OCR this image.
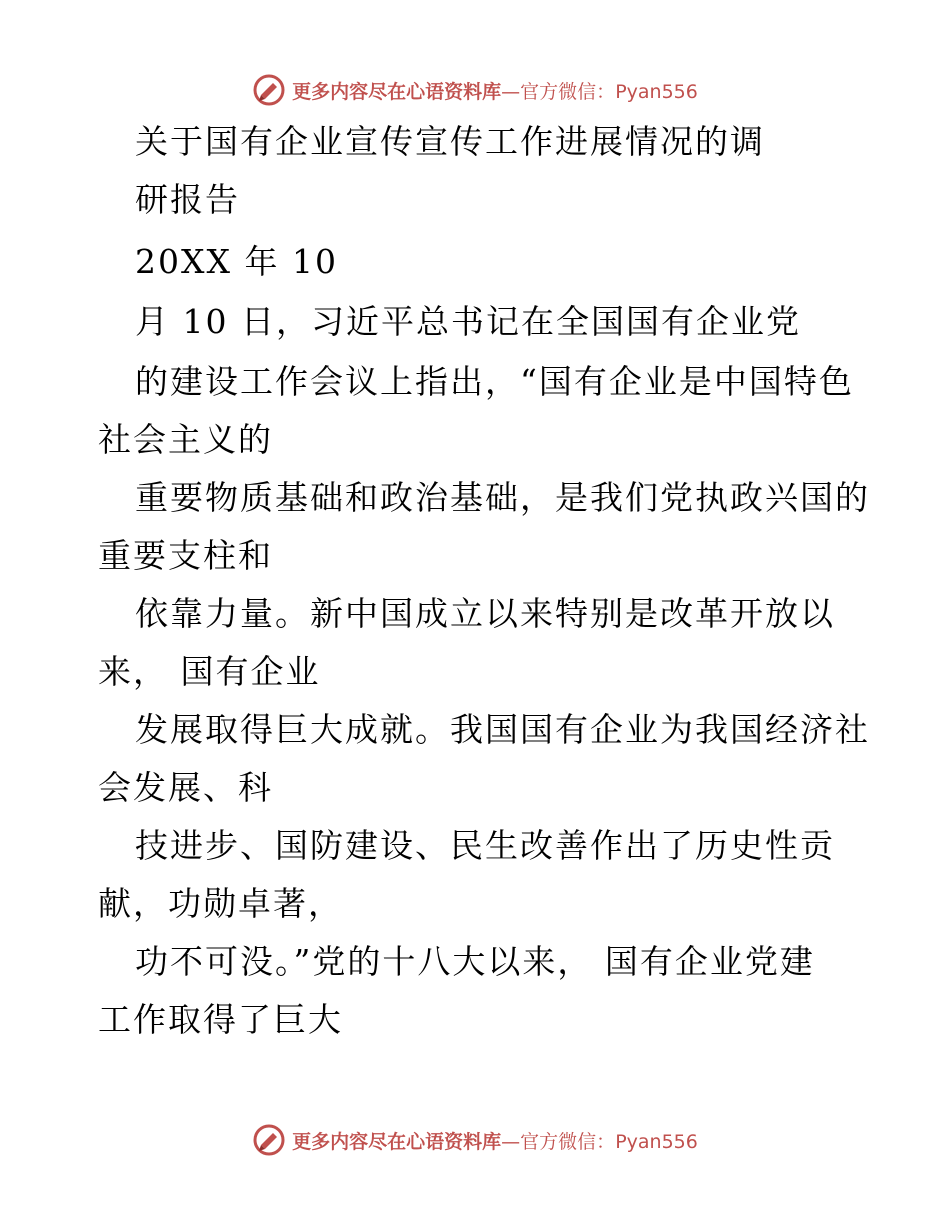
更多内容尽在心语资料库—官方微信：Pyan556
关于国有企业宣传宣传工作进展情况的调
研报告
20XX 年 10
月 10 日，习近平总书记在全国国有企业党
的建设工作会议上指出，“国有企业是中国特色
社会主义的
重要物质基础和政治基础，是我们党执政兴国的
重要支柱和
依靠力量。新中国成立以来特别是改革开放以
来， 国有企业
发展取得巨大成就。我国国有企业为我国经济社
会发展、科
技进步、国防建设、民生改善作出了历史性贡
献，功勋卓著，
功不可没。”党的十八大以来， 国有企业党建
工作取得了巨大
更多内容尽在心语资料库—官方微信：Pyan556
